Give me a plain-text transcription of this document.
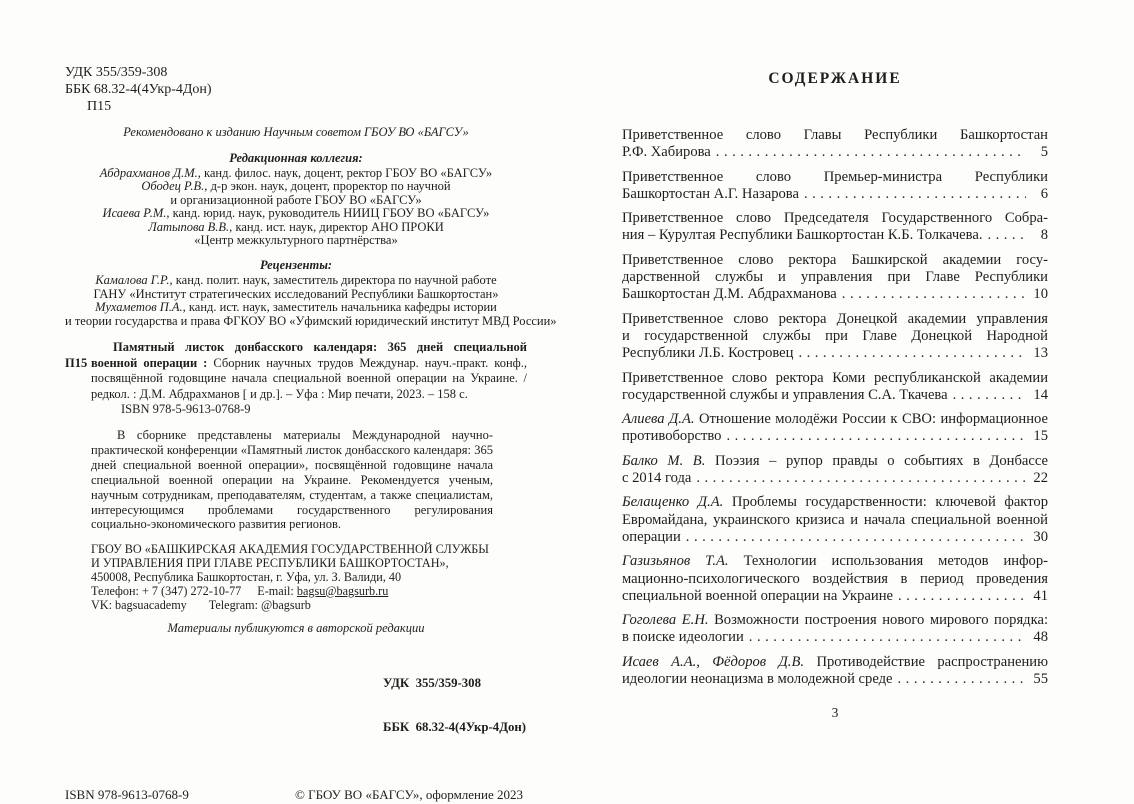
УДК 355/359-308
ББК 68.32-4(4Укр-4Дон)
П15
Рекомендовано к изданию Научным советом ГБОУ ВО «БАГСУ»
Редакционная коллегия:
Абдрахманов Д.М., канд. филос. наук, доцент, ректор ГБОУ ВО «БАГСУ»
Ободец Р.В., д-р экон. наук, доцент, проректор по научной
и организационной работе ГБОУ ВО «БАГСУ»
Исаева Р.М., канд. юрид. наук, руководитель НИИЦ ГБОУ ВО «БАГСУ»
Латыпова В.В., канд. ист. наук, директор АНО ПРОКИ
«Центр межкультурного партнёрства»
Рецензенты:
Камалова Г.Р., канд. полит. наук, заместитель директора по научной работе
ГАНУ «Институт стратегических исследований Республики Башкортостан»
Мухаметов П.А., канд. ист. наук, заместитель начальника кафедры истории
и теории государства и права ФГКОУ ВО «Уфимский юридический институт МВД России»
П15
Памятный листок донбасского календаря: 365 дней специальной
военной операции : Сборник научных трудов Междунар. науч.-практ. конф.,
посвящённой годовщине начала специальной военной операции на Украине. /
редкол. : Д.М. Абдрахманов [ и др.]. – Уфа : Мир печати, 2023. – 158 с.
ISBN 978-5-9613-0768-9

В сборнике представлены материалы Международной научно-практической конференции «Памятный листок донбасского календаря: 365 дней специальной военной операции», посвящённой годовщине начала специальной военной операции на Украине. Рекомендуется ученым, научным сотрудникам, преподавателям, студентам, а также специалистам, интересующимся проблемами государственного регулирования социально-экономического развития регионов.

ГБОУ ВО «БАШКИРСКАЯ АКАДЕМИЯ ГОСУДАРСТВЕННОЙ СЛУЖБЫ
И УПРАВЛЕНИЯ ПРИ ГЛАВЕ РЕСПУБЛИКИ БАШКОРТОСТАН»,
450008, Республика Башкортостан, г. Уфа, ул. З. Валиди, 40
Телефон: + 7 (347) 272-10-77 E-mail: bagsu@bagsurb.ru
VK: bagsuacademy Telegram: @bagsurb
Материалы публикуются в авторской редакции

УДК  355/359-308

ББК  68.32-4(4Укр-4Дон)

ISBN 978-9613-0768-9	© ГБОУ ВО «БАГСУ», оформление 2023
СОДЕРЖАНИЕ
Приветственное слово Главы Республики Башкортостан
Р.Ф. Хабирова .....	5
Приветственное слово Премьер-министра Республики
Башкортостан А.Г. Назарова .....	6
Приветственное слово Председателя Государственного Собра-
ния – Курултая Республики Башкортостан К.Б. Толкачева. .....	8
Приветственное слово ректора Башкирской академии госу-
дарственной службы и управления при Главе Республики
Башкортостан Д.М. Абдрахманова .....	10
Приветственное слово ректора Донецкой академии управления
и государственной службы при Главе Донецкой Народной
Республики Л.Б. Костровец .....	13
Приветственное слово ректора Коми республиканской академии
государственной службы и управления С.А. Ткачева .....	14
Алиева Д.А. Отношение молодёжи России к СВО: информационное
противоборство .....	15
Балко М. В. Поэзия – рупор правды о событиях в Донбассе
с 2014 года .....	22
Белащенко Д.А. Проблемы государственности: ключевой фактор
Евромайдана, украинского кризиса и начала специальной военной
операции .....	30
Газизьянов Т.А. Технологии использования методов инфор-
мационно-психологического воздействия в период проведения
специальной военной операции на Украине .....	41
Гоголева Е.Н. Возможности построения нового мирового порядка:
в поиске идеологии .....	48
Исаев А.А., Фёдоров Д.В. Противодействие распространению
идеологии неонацизма в молодежной среде .....	55
3
